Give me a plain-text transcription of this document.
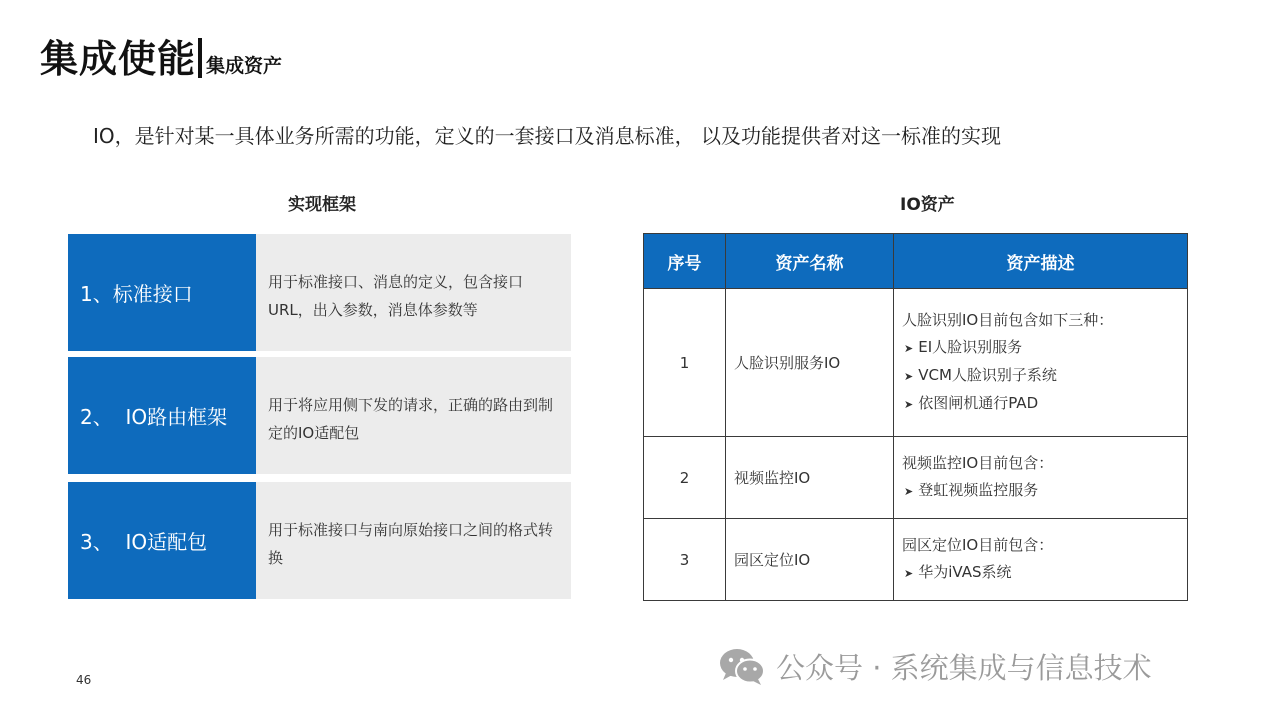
集成使能 集成资产
IO，是针对某一具体业务所需的功能，定义的一套接口及消息标准， 以及功能提供者对这一标准的实现
实现框架	IO资产
1、标准接口	用于标准接口、消息的定义，包含接口URL，出入参数，消息体参数等
2、  IO路由框架	用于将应用侧下发的请求，正确的路由到制定的IO适配包
3、  IO适配包	用于标准接口与南向原始接口之间的格式转换
序号	资产名称	资产描述
1	人脸识别服务IO	人脸识别IO目前包含如下三种：
➤ EI人脸识别服务
➤ VCM人脸识别子系统
➤ 依图闸机通行PAD

2	视频监控IO	视频监控IO目前包含：
➤ 登虹视频监控服务

3	园区定位IO	园区定位IO目前包含：
➤ 华为iVAS系统
46	公众号 · 系统集成与信息技术
